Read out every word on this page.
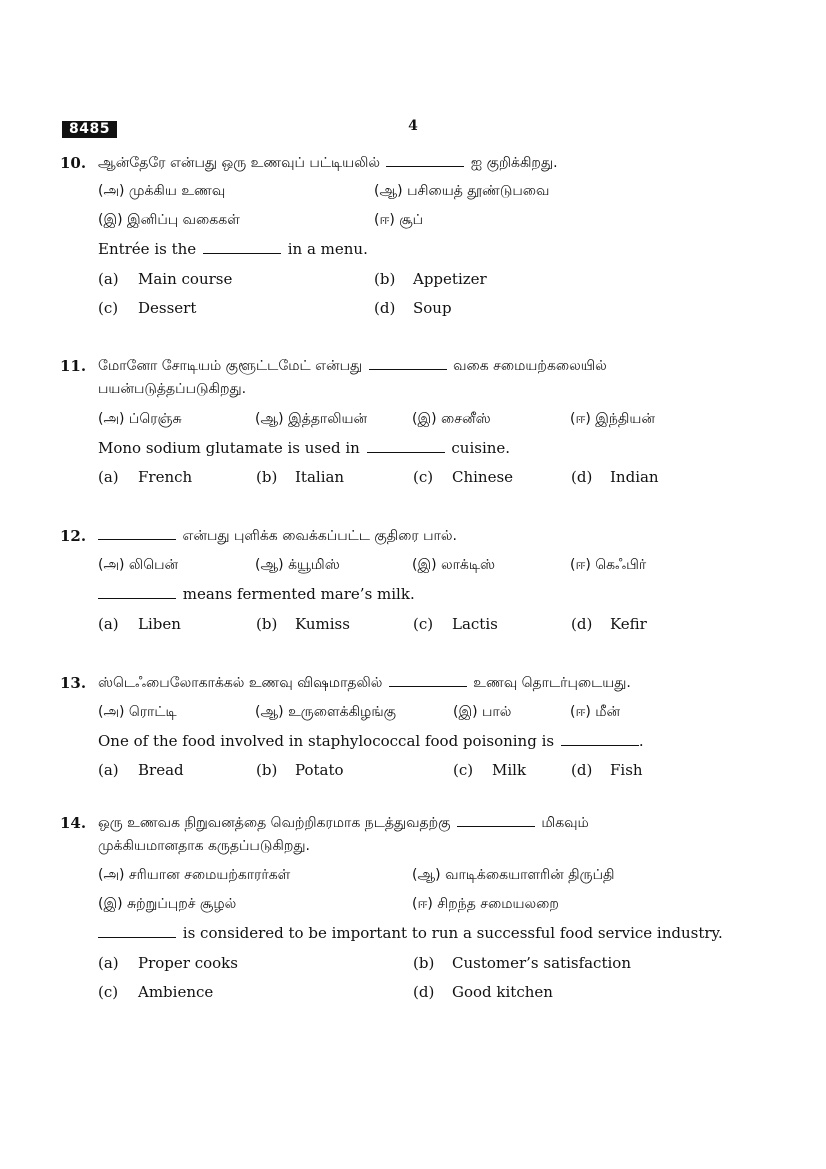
8485	4
10. ஆன்தேரே என்பது ஒரு உணவுப் பட்டியலில்	ஐ குறிக்கிறது.
(அ) முக்கிய உணவு	(ஆ) பசியைத் தூண்டுபவை
(இ) இனிப்பு வகைகள்	(ஈ) சூப்
Entrée is the	in a menu.
(a) Main course	(b) Appetizer
(c) Dessert	(d) Soup
11. மோனோ சோடியம் குளூட்டமேட் என்பது	வகை சமையற்கலையில்
பயன்படுத்தப்படுகிறது.
(அ) ப்ரெஞ்சு	(ஆ) இத்தாலியன்	(இ) சைனீஸ்	(ஈ) இந்தியன்
Mono sodium glutamate is used in	cuisine.
(a) French	(b) Italian	(c) Chinese	(d) Indian
12.	என்பது புளிக்க வைக்கப்பட்ட குதிரை பால்.
(அ) லிபென்	(ஆ) க்யூமிஸ்	(இ) லாக்டிஸ்	(ஈ) கெஃபிர்
means fermented mare’s milk.
(a) Liben	(b) Kumiss	(c) Lactis	(d) Kefir
13. ஸ்டெஃபைலோகாக்கல் உணவு விஷமாதலில்	உணவு தொடர்புடையது.
(அ) ரொட்டி	(ஆ) உருளைக்கிழங்கு	(இ) பால்	(ஈ) மீன்
One of the food involved in staphylococcal food poisoning is	.
(a) Bread	(b) Potato	(c) Milk	(d) Fish
14. ஒரு உணவக நிறுவனத்தை வெற்றிகரமாக நடத்துவதற்கு	மிகவும்
முக்கியமானதாக கருதப்படுகிறது.
(அ) சரியான சமையற்காரர்கள்	(ஆ) வாடிக்கையாளரின் திருப்தி
(இ) சுற்றுப்புறச் சூழல்	(ஈ) சிறந்த சமையலறை
is considered to be important to run a successful food service industry.
(a) Proper cooks	(b) Customer’s satisfaction
(c) Ambience	(d) Good kitchen
